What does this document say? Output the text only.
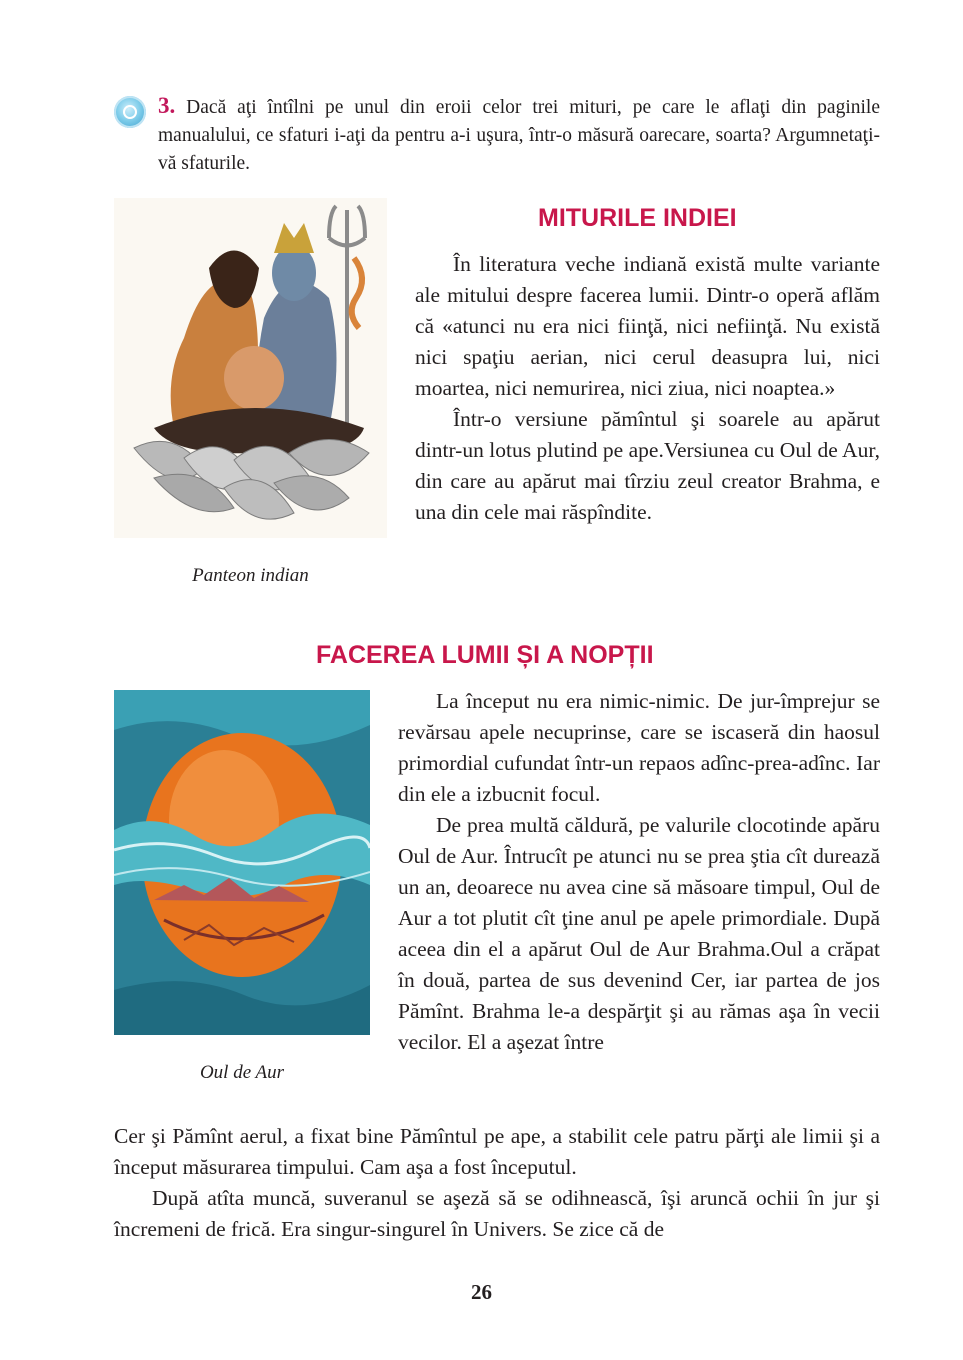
3. Dacă aţi întîlni pe unul din eroii celor trei mituri, pe care le aflaţi din paginile manualului, ce sfaturi i-aţi da pentru a-i uşura, într-o măsură oarecare, soarta? Argumnetaţi-vă sfaturile.

Panteon indian

MITURILE INDIEI

În literatura veche indiană există multe variante ale mitului despre facerea lumii. Dintr-o operă aflăm că «atunci nu era nici fiinţă, nici nefiinţă. Nu există nici spaţiu aerian, nici cerul deasupra lui, nici moartea, nici nemurirea, nici ziua, nici noaptea.»

Într-o versiune pămîntul şi soarele au apărut dintr-un lotus plutind pe ape.Versiunea cu Oul de Aur, din care au apărut mai tîrziu zeul creator Brahma, e una din cele mai răspîndite.

FACEREA LUMII ȘI A NOPȚII

Oul de Aur

La început nu era nimic-nimic. De jur-împrejur se revărsau apele necuprinse, care se iscaseră din haosul primordial cufundat într-un repaos adînc-prea-adînc. Iar din ele a izbucnit focul.

De prea multă căldură, pe valurile clocotinde apăru Oul de Aur. Întrucît pe atunci nu se prea ştia cît durează un an, deoarece nu avea cine să măsoare timpul, Oul de Aur a tot plutit cît ţine anul pe apele primordiale. După aceea din el a apărut Oul de Aur Brahma.Oul a crăpat în două, partea de sus devenind Cer, iar partea de jos Pămînt. Brahma le-a despărţit şi au rămas aşa în vecii vecilor. El a aşezat între

Cer şi Pămînt aerul, a fixat bine Pămîntul pe ape, a stabilit cele patru părţi ale limii şi a început măsurarea timpului. Cam aşa a fost începutul.

După atîta muncă, suveranul se aşeză să se odihnească, îşi aruncă ochii în jur şi încremeni de frică. Era singur-singurel în Univers. Se zice că de

26
